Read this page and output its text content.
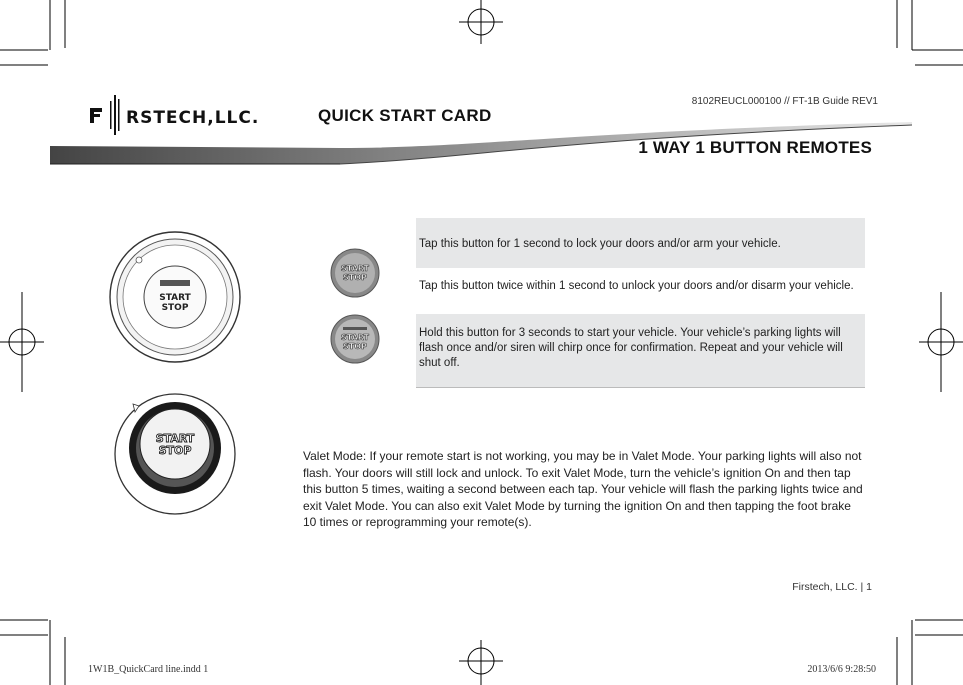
RSTECH,LLC.	QUICK START CARD
8102REUCL000100 // FT-1B Guide REV1
1 WAY 1 BUTTON REMOTES
START
STOP
START
STOP
START
STOP
START
STOP
Tap this button for 1 second to lock your doors and/or arm your vehicle.
Tap this button twice within 1 second to unlock your doors and/or disarm your vehicle.
Hold this button for 3 seconds to start your vehicle. Your vehicle’s parking lights will flash once and/or siren will chirp once for confirmation. Repeat and your vehicle will shut off.

Valet Mode: If your remote start is not working, you may be in Valet Mode. Your parking lights will also not flash. Your doors will still lock and unlock. To exit Valet Mode, turn the vehicle’s ignition On and then tap this button 5 times, waiting a second between each tap. Your vehicle will flash the parking lights twice and exit Valet Mode. You can also exit Valet Mode by turning the ignition On and then tapping the foot brake 10 times or reprogramming your remote(s).

Firstech, LLC. | 1
1W1B_QuickCard line.indd 1	2013/6/6 9:28:50
